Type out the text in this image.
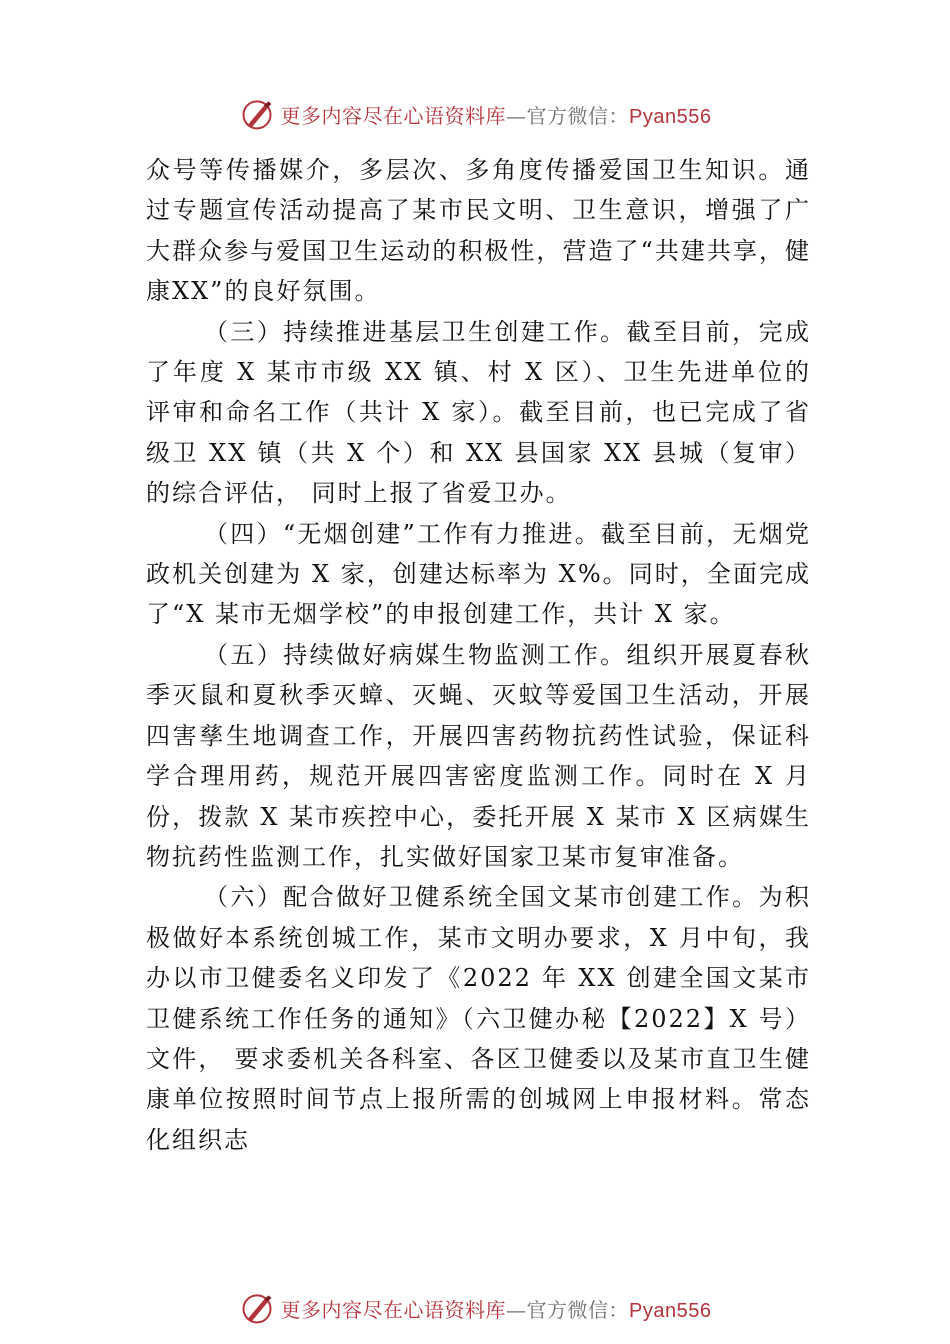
更多内容尽在心语资料库—官方微信：Pyan556

众号等传播媒介，多层次、多角度传播爱国卫生知识。通过专题宣传活动提高了某市民文明、卫生意识，增强了广大群众参与爱国卫生运动的积极性，营造了“共建共享，健康XX”的良好氛围。

（三）持续推进基层卫生创建工作。截至目前，完成了年度 X 某市市级 XX 镇、村 X 区）、卫生先进单位的评审和命名工作（共计 X 家）。截至目前，也已完成了省级卫 XX 镇（共 X 个）和 XX 县国家 XX 县城（复审）的综合评估， 同时上报了省爱卫办。

（四）“无烟创建”工作有力推进。截至目前，无烟党政机关创建为 X 家，创建达标率为 X%。同时，全面完成了“X 某市无烟学校”的申报创建工作，共计 X 家。

（五）持续做好病媒生物监测工作。组织开展夏春秋季灭鼠和夏秋季灭蟑、灭蝇、灭蚊等爱国卫生活动，开展四害孳生地调查工作，开展四害药物抗药性试验，保证科学合理用药，规范开展四害密度监测工作。同时在 X 月份，拨款 X 某市疾控中心，委托开展 X 某市 X 区病媒生物抗药性监测工作，扎实做好国家卫某市复审准备。

（六）配合做好卫健系统全国文某市创建工作。为积极做好本系统创城工作，某市文明办要求，X 月中旬，我办以市卫健委名义印发了《2022 年 XX 创建全国文某市卫健系统工作任务的通知》（六卫健办秘【2022】X 号）文件， 要求委机关各科室、各区卫健委以及某市直卫生健康单位按照时间节点上报所需的创城网上申报材料。常态化组织志

更多内容尽在心语资料库—官方微信：Pyan556
